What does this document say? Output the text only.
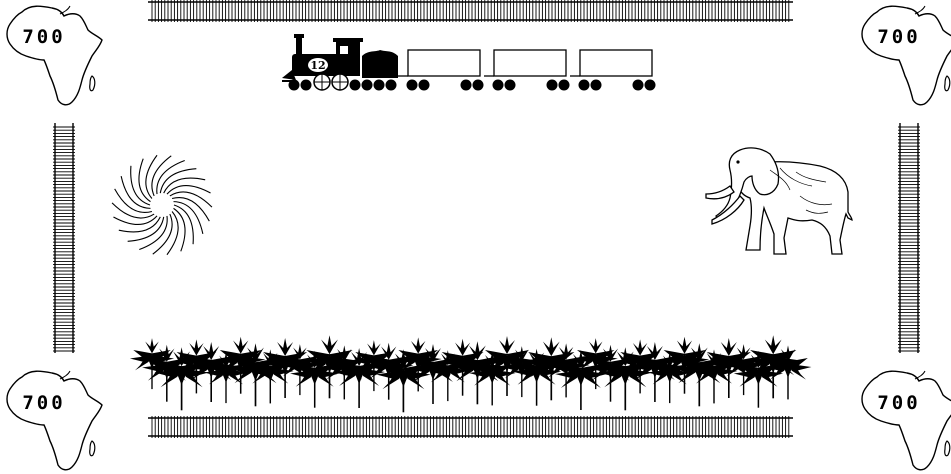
12
700	700
700	700
